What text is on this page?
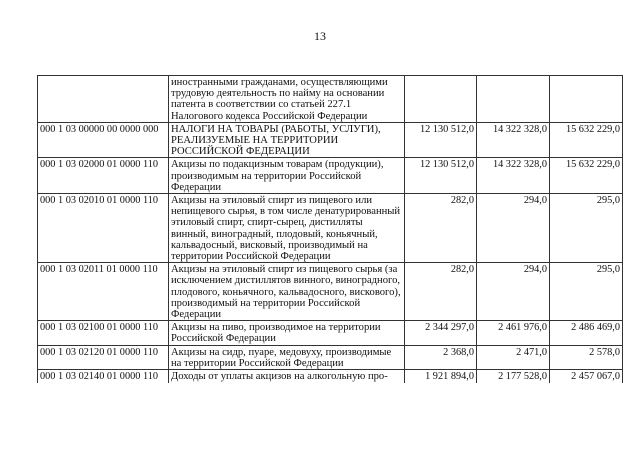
13
	иностранными гражданами, осуществляющими трудовую деятельность по найму на основании патента в соответствии со статьей 227.1 Налогового кодекса Российской Федерации			
000 1 03 00000 00 0000 000	НАЛОГИ НА ТОВАРЫ (РАБОТЫ, УСЛУГИ), РЕАЛИЗУЕМЫЕ НА ТЕРРИТОРИИ РОССИЙСКОЙ ФЕДЕРАЦИИ	12 130 512,0	14 322 328,0	15 632 229,0
000 1 03 02000 01 0000 110	Акцизы по подакцизным товарам (продукции), производимым на территории Российской Федерации	12 130 512,0	14 322 328,0	15 632 229,0
000 1 03 02010 01 0000 110	Акцизы на этиловый спирт из пищевого или непищевого сырья, в том числе денатурированный этиловый спирт, спирт-сырец, дистилляты винный, виноградный, плодовый, коньячный, кальвадосный, висковый, производимый на территории Российской Федерации	282,0	294,0	295,0
000 1 03 02011 01 0000 110	Акцизы на этиловый спирт из пищевого сырья (за исключением дистиллятов винного, виноградного, плодового, коньячного, кальвадосного, вискового), производимый на территории Российской Федерации	282,0	294,0	295,0
000 1 03 02100 01 0000 110	Акцизы на пиво, производимое на территории Российской Федерации	2 344 297,0	2 461 976,0	2 486 469,0
000 1 03 02120 01 0000 110	Акцизы на сидр, пуаре, медовуху, производимые на территории Российской Федерации	2 368,0	2 471,0	2 578,0
000 1 03 02140 01 0000 110	Доходы от уплаты акцизов на алкогольную про-	1 921 894,0	2 177 528,0	2 457 067,0
